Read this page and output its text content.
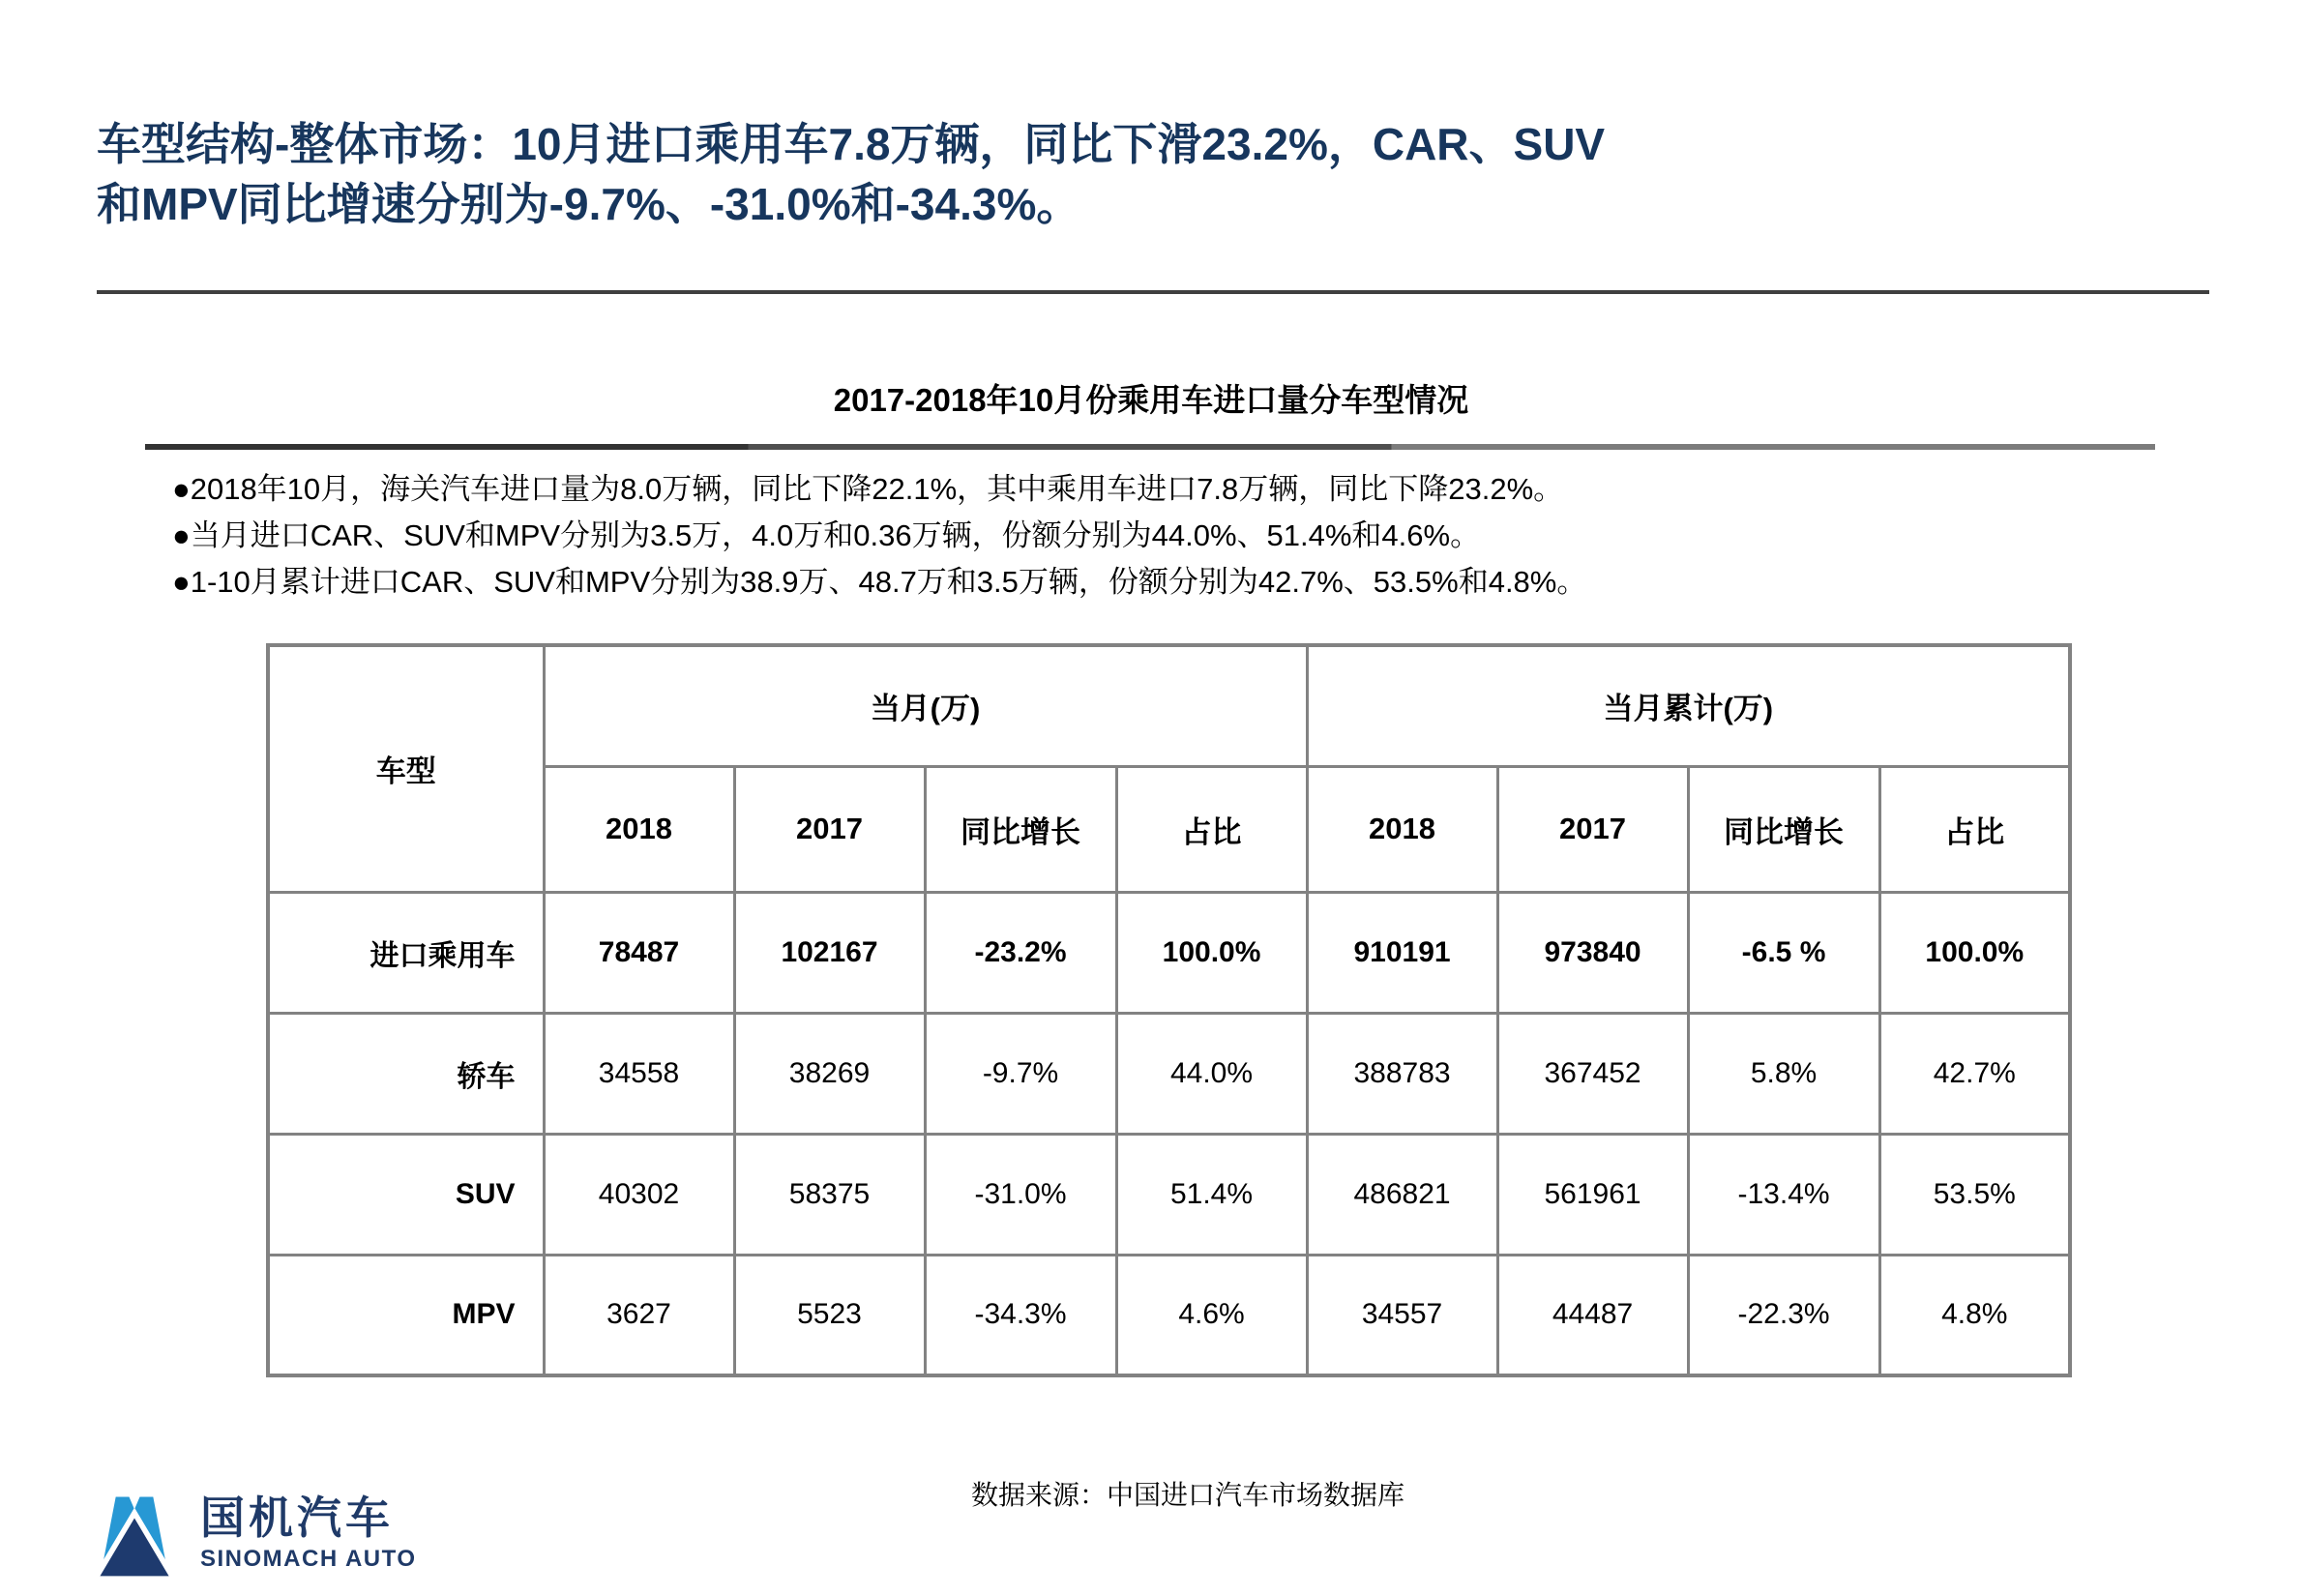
车型结构-整体市场：10月进口乘用车7.8万辆，同比下滑23.2%，CAR、SUV
和MPV同比增速分别为-9.7%、-31.0%和-34.3%。
2017-2018年10月份乘用车进口量分车型情况
●2018年10月，海关汽车进口量为8.0万辆，同比下降22.1%，其中乘用车进口7.8万辆，同比下降23.2%。
●当月进口CAR、SUV和MPV分别为3.5万，4.0万和0.36万辆，份额分别为44.0%、51.4%和4.6%。
●1-10月累计进口CAR、SUV和MPV分别为38.9万、48.7万和3.5万辆，份额分别为42.7%、53.5%和4.8%。
车型	当月(万)				当月累计(万)			
	2018	2017	同比增长	占比	2018	2017	同比增长	占比
进口乘用车	78487	102167	-23.2%	100.0%	910191	973840	-6.5 %	100.0%
轿车	34558	38269	-9.7%	44.0%	388783	367452	5.8%	42.7%
SUV	40302	58375	-31.0%	51.4%	486821	561961	-13.4%	53.5%
MPV	3627	5523	-34.3%	4.6%	34557	44487	-22.3%	4.8%
国机汽车
SINOMACH AUTO
数据来源：中国进口汽车市场数据库
